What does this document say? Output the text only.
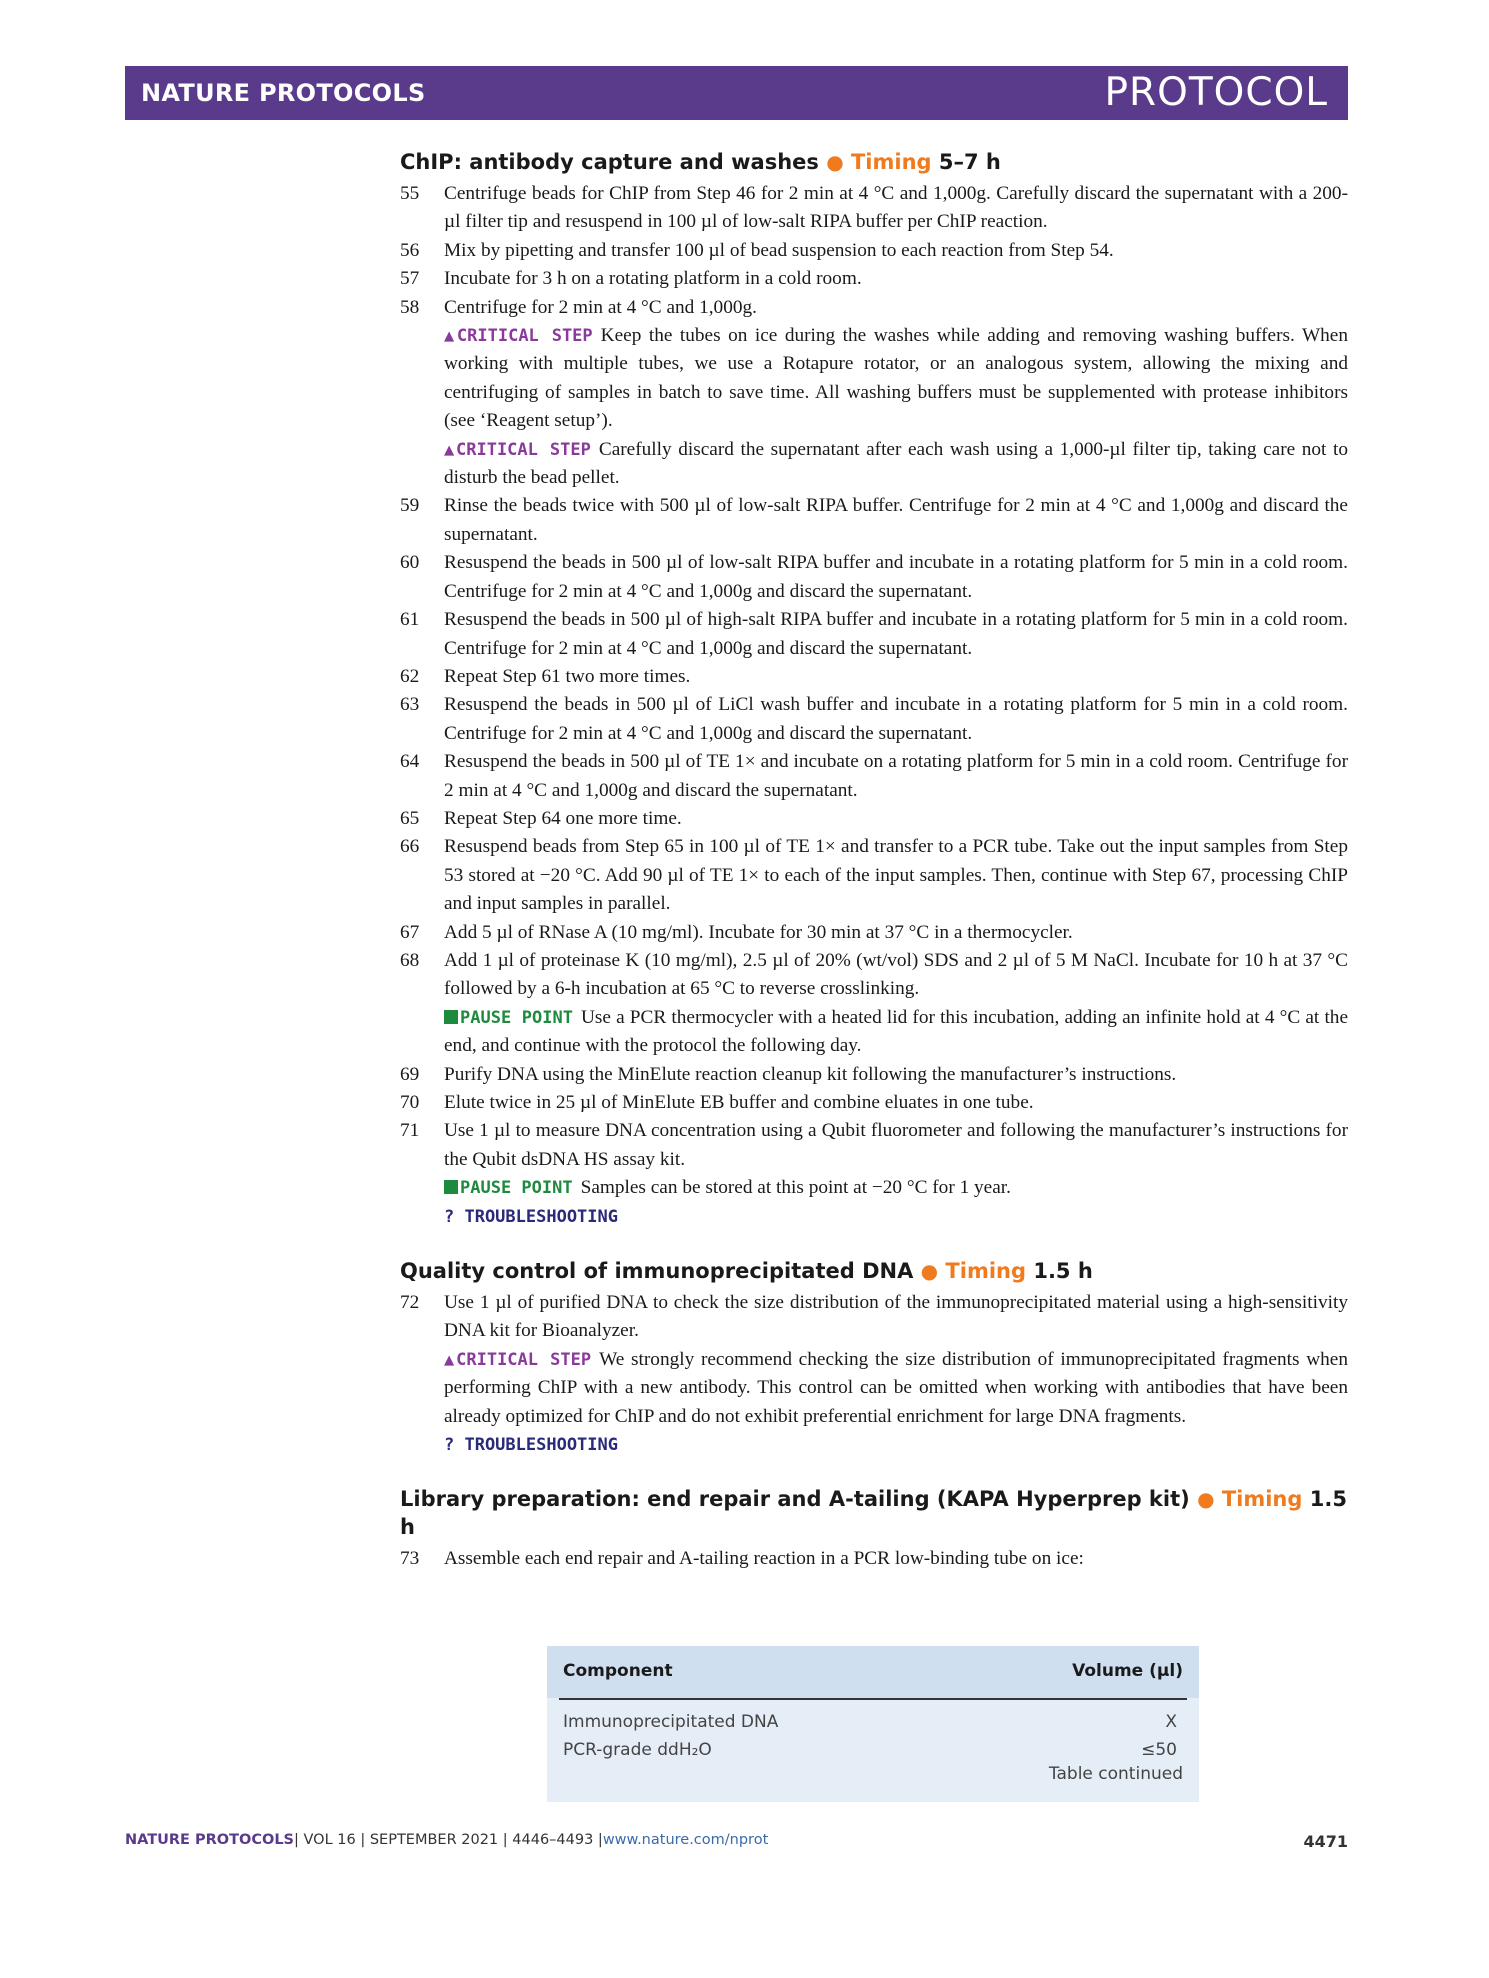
NATURE PROTOCOLS	PROTOCOL
ChIP: antibody capture and washes ● Timing 5–7 h
55 Centrifuge beads for ChIP from Step 46 for 2 min at 4 °C and 1,000g. Carefully discard the supernatant with a 200-µl filter tip and resuspend in 100 µl of low-salt RIPA buffer per ChIP reaction.
56 Mix by pipetting and transfer 100 µl of bead suspension to each reaction from Step 54.
57 Incubate for 3 h on a rotating platform in a cold room.
58 Centrifuge for 2 min at 4 °C and 1,000g.
▲CRITICAL STEP Keep the tubes on ice during the washes while adding and removing washing buffers. When working with multiple tubes, we use a Rotapure rotator, or an analogous system, allowing the mixing and centrifuging of samples in batch to save time. All washing buffers must be supplemented with protease inhibitors (see ‘Reagent setup’).
▲CRITICAL STEP Carefully discard the supernatant after each wash using a 1,000-µl filter tip, taking care not to disturb the bead pellet.
59 Rinse the beads twice with 500 µl of low-salt RIPA buffer. Centrifuge for 2 min at 4 °C and 1,000g and discard the supernatant.
60 Resuspend the beads in 500 µl of low-salt RIPA buffer and incubate in a rotating platform for 5 min in a cold room. Centrifuge for 2 min at 4 °C and 1,000g and discard the supernatant.
61 Resuspend the beads in 500 µl of high-salt RIPA buffer and incubate in a rotating platform for 5 min in a cold room. Centrifuge for 2 min at 4 °C and 1,000g and discard the supernatant.
62 Repeat Step 61 two more times.
63 Resuspend the beads in 500 µl of LiCl wash buffer and incubate in a rotating platform for 5 min in a cold room. Centrifuge for 2 min at 4 °C and 1,000g and discard the supernatant.
64 Resuspend the beads in 500 µl of TE 1× and incubate on a rotating platform for 5 min in a cold room. Centrifuge for 2 min at 4 °C and 1,000g and discard the supernatant.
65 Repeat Step 64 one more time.
66 Resuspend beads from Step 65 in 100 µl of TE 1× and transfer to a PCR tube. Take out the input samples from Step 53 stored at −20 °C. Add 90 µl of TE 1× to each of the input samples. Then, continue with Step 67, processing ChIP and input samples in parallel.
67 Add 5 µl of RNase A (10 mg/ml). Incubate for 30 min at 37 °C in a thermocycler.
68 Add 1 µl of proteinase K (10 mg/ml), 2.5 µl of 20% (wt/vol) SDS and 2 µl of 5 M NaCl. Incubate for 10 h at 37 °C followed by a 6-h incubation at 65 °C to reverse crosslinking.
PAUSE POINT Use a PCR thermocycler with a heated lid for this incubation, adding an infinite hold at 4 °C at the end, and continue with the protocol the following day.
69 Purify DNA using the MinElute reaction cleanup kit following the manufacturer’s instructions.
70 Elute twice in 25 µl of MinElute EB buffer and combine eluates in one tube.
71 Use 1 µl to measure DNA concentration using a Qubit fluorometer and following the manufacturer’s instructions for the Qubit dsDNA HS assay kit.
PAUSE POINT Samples can be stored at this point at −20 °C for 1 year.
? TROUBLESHOOTING
Quality control of immunoprecipitated DNA ● Timing 1.5 h
72 Use 1 µl of purified DNA to check the size distribution of the immunoprecipitated material using a high-sensitivity DNA kit for Bioanalyzer.
▲CRITICAL STEP We strongly recommend checking the size distribution of immunoprecipitated fragments when performing ChIP with a new antibody. This control can be omitted when working with antibodies that have been already optimized for ChIP and do not exhibit preferential enrichment for large DNA fragments.
? TROUBLESHOOTING
Library preparation: end repair and A-tailing (KAPA Hyperprep kit) ● Timing 1.5 h
73 Assemble each end repair and A-tailing reaction in a PCR low-binding tube on ice:
Component	Volume (µl)
Immunoprecipitated DNA	X
PCR-grade ddH₂O	≤50
Table continued
NATURE PROTOCOLS| VOL 16 | SEPTEMBER 2021 | 4446–4493 |www.nature.com/nprot	4471
